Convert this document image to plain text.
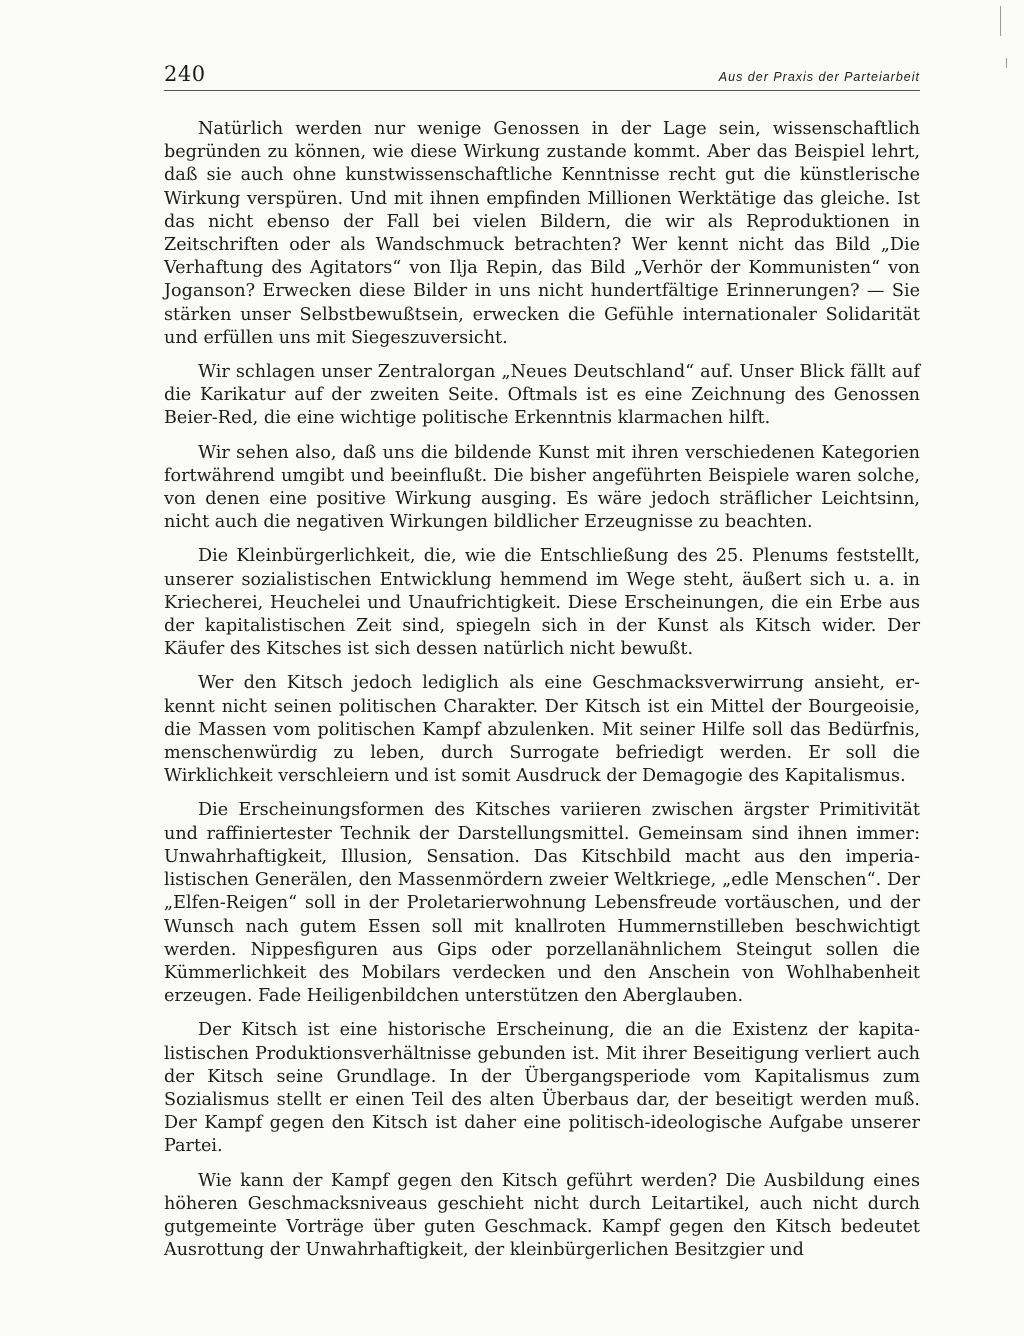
240	Aus der Praxis der Parteiarbeit

Natürlich werden nur wenige Genossen in der Lage sein, wissenschaftlich begründen zu können, wie diese Wirkung zustande kommt. Aber das Beispiel lehrt, daß sie auch ohne kunstwissenschaftliche Kenntnisse recht gut die künstlerische Wirkung verspüren. Und mit ihnen empfinden Millionen Werktätige das gleiche. Ist das nicht ebenso der Fall bei vielen Bildern, die wir als Reproduktionen in Zeitschriften oder als Wandschmuck betrachten? Wer kennt nicht das Bild „Die Verhaftung des Agitators“ von Ilja Repin, das Bild „Verhör der Kommunisten“ von Joganson? Erwecken diese Bilder in uns nicht hundertfältige Erinnerungen? — Sie stärken unser Selbstbewußtsein, erwecken die Gefühle internationaler Solidarität und erfüllen uns mit Siegeszuversicht.

Wir schlagen unser Zentralorgan „Neues Deutschland“ auf. Unser Blick fällt auf die Karikatur auf der zweiten Seite. Oftmals ist es eine Zeichnung des Genossen Beier-Red, die eine wichtige politische Erkenntnis klarmachen hilft.

Wir sehen also, daß uns die bildende Kunst mit ihren verschiedenen Kategorien fortwährend umgibt und beeinflußt. Die bisher angeführten Beispiele waren solche, von denen eine positive Wirkung ausging. Es wäre jedoch sträflicher Leichtsinn, nicht auch die negativen Wirkungen bildlicher Erzeugnisse zu beachten.

Die Kleinbürgerlichkeit, die, wie die Entschließung des 25. Plenums feststellt, unserer sozialistischen Entwicklung hemmend im Wege steht, äußert sich u. a. in Kriecherei, Heuchelei und Unaufrichtigkeit. Diese Erscheinungen, die ein Erbe aus der kapitalistischen Zeit sind, spiegeln sich in der Kunst als Kitsch wider. Der Käufer des Kitsches ist sich dessen natürlich nicht bewußt.

Wer den Kitsch jedoch lediglich als eine Geschmacksverwirrung ansieht, erkennt nicht seinen politischen Charakter. Der Kitsch ist ein Mittel der Bourgeoisie, die Massen vom politischen Kampf abzulenken. Mit seiner Hilfe soll das Bedürfnis, menschenwürdig zu leben, durch Surrogate befriedigt werden. Er soll die Wirklichkeit verschleiern und ist somit Ausdruck der Demagogie des Kapitalismus.

Die Erscheinungsformen des Kitsches variieren zwischen ärgster Primitivität und raffiniertester Technik der Darstellungsmittel. Gemeinsam sind ihnen immer: Unwahrhaftigkeit, Illusion, Sensation. Das Kitschbild macht aus den imperialistischen Generälen, den Massenmördern zweier Weltkriege, „edle Menschen“. Der „Elfen-Reigen“ soll in der Proletarierwohnung Lebensfreude vortäuschen, und der Wunsch nach gutem Essen soll mit knallroten Hummernstilleben beschwichtigt werden. Nippesfiguren aus Gips oder porzellanähnlichem Steingut sollen die Kümmerlichkeit des Mobilars verdecken und den Anschein von Wohlhabenheit erzeugen. Fade Heiligenbildchen unterstützen den Aberglauben.

Der Kitsch ist eine historische Erscheinung, die an die Existenz der kapitalistischen Produktionsverhältnisse gebunden ist. Mit ihrer Beseitigung verliert auch der Kitsch seine Grundlage. In der Übergangsperiode vom Kapitalismus zum Sozialismus stellt er einen Teil des alten Überbaus dar, der beseitigt werden muß. Der Kampf gegen den Kitsch ist daher eine politisch-ideologische Aufgabe unserer Partei.

Wie kann der Kampf gegen den Kitsch geführt werden? Die Ausbildung eines höheren Geschmacksniveaus geschieht nicht durch Leitartikel, auch nicht durch gutgemeinte Vorträge über guten Geschmack. Kampf gegen den Kitsch bedeutet Ausrottung der Unwahrhaftigkeit, der kleinbürgerlichen Besitzgier und
